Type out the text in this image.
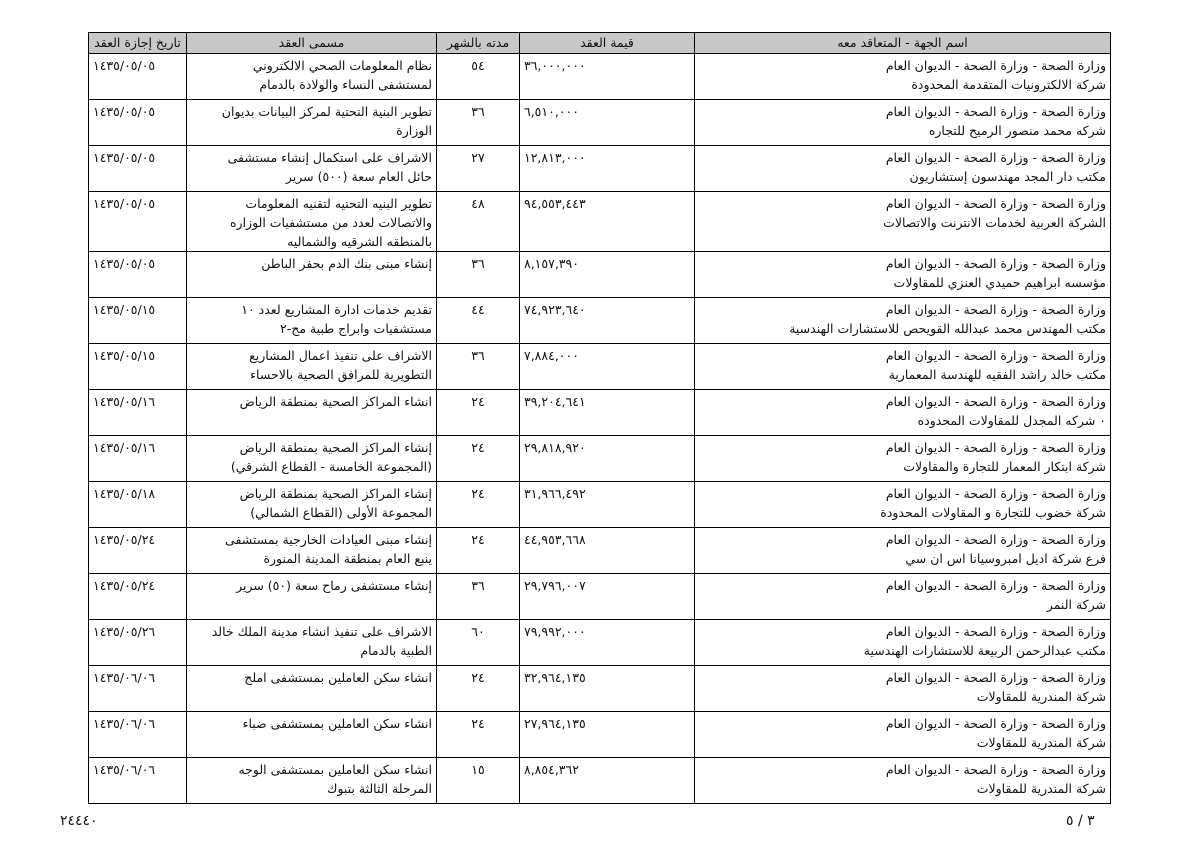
اسم الجهة - المتعاقد معه	قيمة العقد	مدته بالشهر	مسمى العقد	تاريخ إجازة العقد

وزارة الصحة - وزارة الصحة - الديوان العام
شركة الالكترونيات المتقدمة المحدودة	٣٦,٠٠٠,٠٠٠	٥٤	نظام المعلومات الصحي الالكتروني
لمستشفى النساء والولادة بالدمام	١٤٣٥/٠٥/٠٥

وزارة الصحة - وزارة الصحة - الديوان العام
شركه محمد منصور الرميح للتجاره	٦,٥١٠,٠٠٠	٣٦	تطوير البنية التحتية لمركز البيانات بديوان
الوزارة	١٤٣٥/٠٥/٠٥

وزارة الصحة - وزارة الصحة - الديوان العام
مكتب دار المجد مهندسون إستشاريون	١٢,٨١٣,٠٠٠	٢٧	الاشراف على استكمال إنشاء مستشفى
حائل العام سعة (٥٠٠) سرير	١٤٣٥/٠٥/٠٥

وزارة الصحة - وزارة الصحة - الديوان العام
الشركة العربية لخدمات الانترنت والاتصالات	٩٤,٥٥٣,٤٤٣	٤٨	تطوير البنيه التحتيه لتقنيه المعلومات
والاتصالات لعدد من مستشفيات الوزاره
بالمنطقه الشرقيه والشماليه	١٤٣٥/٠٥/٠٥

وزارة الصحة - وزارة الصحة - الديوان العام
مؤسسه ابراهيم حميدي العنزي للمقاولات	٨,١٥٧,٣٩٠	٣٦	إنشاء مبنى بنك الدم بحفر الباطن	١٤٣٥/٠٥/٠٥

وزارة الصحة - وزارة الصحة - الديوان العام
مكتب المهندس محمد عبدالله القويحص للاستشارات الهندسية	٧٤,٩٢٣,٦٤٠	٤٤	تقديم خدمات ادارة المشاريع لعدد ١٠
مستشفيات وابراج طبية مج-٢	١٤٣٥/٠٥/١٥

وزارة الصحة - وزارة الصحة - الديوان العام
مكتب خالد راشد الفقيه للهندسة المعمارية	٧,٨٨٤,٠٠٠	٣٦	الاشراف على تنفيذ اعمال المشاريع
التطويرية للمرافق الصحية بالاحساء	١٤٣٥/٠٥/١٥

وزارة الصحة - وزارة الصحة - الديوان العام
٠ شركه المجدل للمقاولات المحدوده	٣٩,٢٠٤,٦٤١	٢٤	انشاء المراكز الصحية بمنطقة الرياض	١٤٣٥/٠٥/١٦

وزارة الصحة - وزارة الصحة - الديوان العام
شركة ابتكار المعمار للتجارة والمقاولات	٢٩,٨١٨,٩٢٠	٢٤	إنشاء المراكز الصحية بمنطقة الرياض
(المجموعة الخامسة - القطاع الشرقي)	١٤٣٥/٠٥/١٦

وزارة الصحة - وزارة الصحة - الديوان العام
شركة خضوب للتجارة و المقاولات المحدودة	٣١,٩٦٦,٤٩٢	٢٤	إنشاء المراكز الصحية بمنطقة الرياض
المجموعة الأولى (القطاع الشمالي)	١٤٣٥/٠٥/١٨

وزارة الصحة - وزارة الصحة - الديوان العام
فرع شركة اديل امبروسيانا اس ان سي	٤٤,٩٥٣,٦٦٨	٢٤	إنشاء مبنى العيادات الخارجية بمستشفى
ينبع العام بمنطقة المدينة المنورة	١٤٣٥/٠٥/٢٤

وزارة الصحة - وزارة الصحة - الديوان العام
شركة النمر	٢٩,٧٩٦,٠٠٧	٣٦	إنشاء مستشفى رماح سعة (٥٠) سرير	١٤٣٥/٠٥/٢٤

وزارة الصحة - وزارة الصحة - الديوان العام
مكتب عبدالرحمن الربيعة للاستشارات الهندسية	٧٩,٩٩٢,٠٠٠	٦٠	الاشراف على تنفيذ انشاء مدينة الملك خالد
الطبية بالدمام	١٤٣٥/٠٥/٢٦

وزارة الصحة - وزارة الصحة - الديوان العام
شركة المندرية للمقاولات	٣٢,٩٦٤,١٣٥	٢٤	انشاء سكن العاملين بمستشفى املج	١٤٣٥/٠٦/٠٦

وزارة الصحة - وزارة الصحة - الديوان العام
شركة المندرية للمقاولات	٢٧,٩٦٤,١٣٥	٢٤	انشاء سكن العاملين بمستشفى ضباء	١٤٣٥/٠٦/٠٦

وزارة الصحة - وزارة الصحة - الديوان العام
شركة المندرية للمقاولات	٨,٨٥٤,٣٦٢	١٥	انشاء سكن العاملين بمستشفى الوجه
المرحلة الثالثة بتبوك	١٤٣٥/٠٦/٠٦
٢٤٤٤٠	٣ / ٥
